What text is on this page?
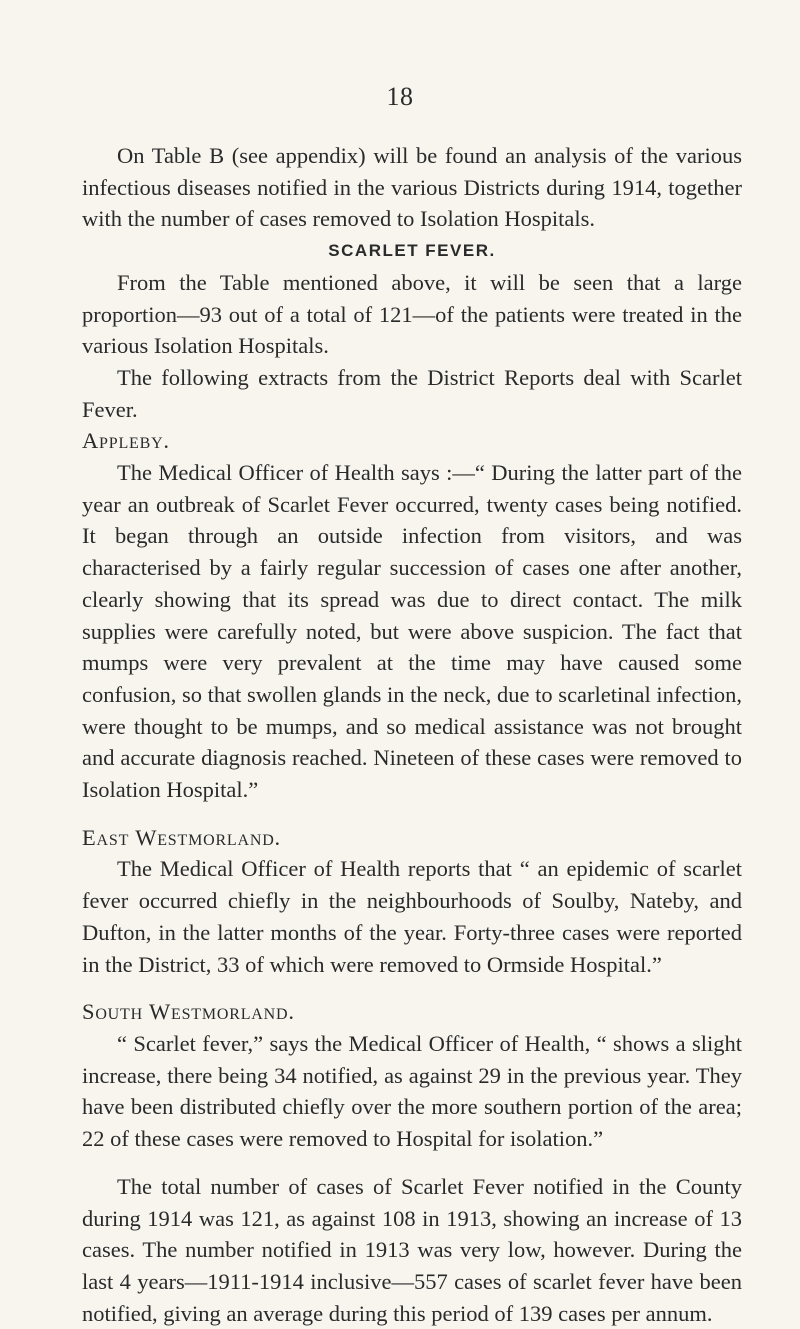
18

On Table B (see appendix) will be found an analysis of the various infectious diseases notified in the various Districts during 1914, together with the number of cases removed to Isolation Hospitals.

SCARLET FEVER.

From the Table mentioned above, it will be seen that a large proportion—93 out of a total of 121—of the patients were treated in the various Isolation Hospitals.

The following extracts from the District Reports deal with Scarlet Fever.

Appleby.

The Medical Officer of Health says :—“ During the latter part of the year an outbreak of Scarlet Fever occurred, twenty cases being notified. It began through an outside infection from visitors, and was characterised by a fairly regular succession of cases one after another, clearly showing that its spread was due to direct contact. The milk supplies were carefully noted, but were above suspicion. The fact that mumps were very prevalent at the time may have caused some confusion, so that swollen glands in the neck, due to scarletinal infection, were thought to be mumps, and so medical assistance was not brought and accurate diagnosis reached. Nineteen of these cases were removed to Isolation Hospital.”

East Westmorland.

The Medical Officer of Health reports that “ an epidemic of scarlet fever occurred chiefly in the neighbourhoods of Soulby, Nateby, and Dufton, in the latter months of the year. Forty-three cases were reported in the District, 33 of which were removed to Ormside Hospital.”

South Westmorland.

“ Scarlet fever,” says the Medical Officer of Health, “ shows a slight increase, there being 34 notified, as against 29 in the previous year. They have been distributed chiefly over the more southern portion of the area; 22 of these cases were removed to Hospital for isolation.”

The total number of cases of Scarlet Fever notified in the County during 1914 was 121, as against 108 in 1913, showing an increase of 13 cases. The number notified in 1913 was very low, however. During the last 4 years—1911-1914 inclusive—557 cases of scarlet fever have been notified, giving an average during this period of 139 cases per annum.
